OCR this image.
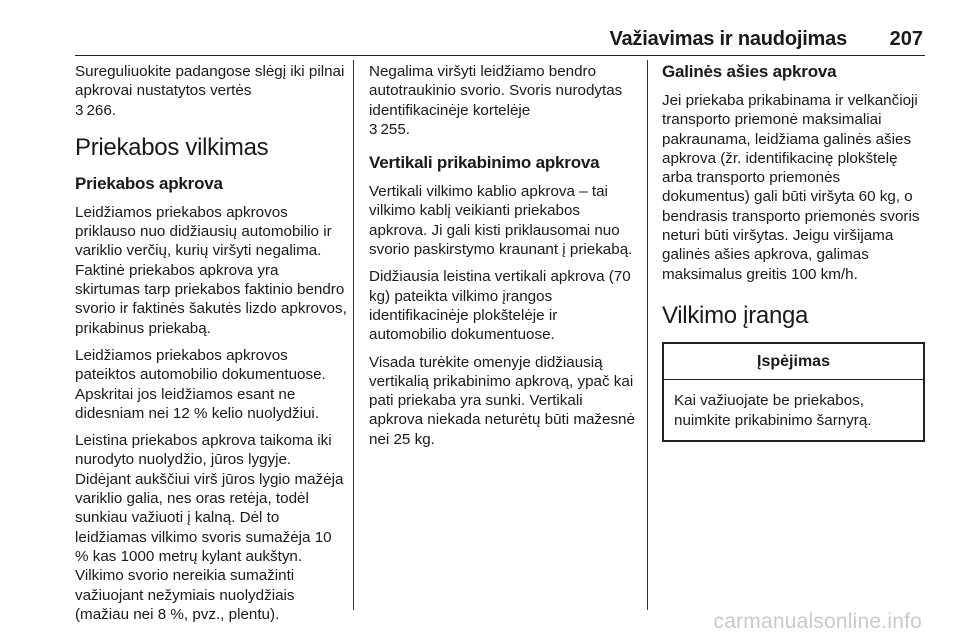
Važiavimas ir naudojimas 207

Sureguliuokite padangose slėgį iki pilnai apkrovai nustatytos vertės
3 266.

Priekabos vilkimas
Priekabos apkrova

Leidžiamos priekabos apkrovos priklauso nuo didžiausių automobilio ir variklio verčių, kurių viršyti negalima. Faktinė priekabos apkrova yra skirtumas tarp priekabos faktinio bendro svorio ir faktinės šakutės lizdo apkrovos, prikabinus priekabą.

Leidžiamos priekabos apkrovos pateiktos automobilio dokumentuose. Apskritai jos leidžiamos esant ne didesniam nei 12 % kelio nuolydžiui.

Leistina priekabos apkrova taikoma iki nurodyto nuolydžio, jūros lygyje. Didėjant aukščiui virš jūros lygio mažėja variklio galia, nes oras retėja, todėl sunkiau važiuoti į kalną. Dėl to leidžiamas vilkimo svoris sumažėja 10 % kas 1000 metrų kylant aukštyn. Vilkimo svorio nereikia sumažinti važiuojant nežymiais nuolydžiais (mažiau nei 8 %, pvz., plentu).

Negalima viršyti leidžiamo bendro autotraukinio svorio. Svoris nurodytas identifikacinėje kortelėje
3 255.

Vertikali prikabinimo apkrova

Vertikali vilkimo kablio apkrova – tai vilkimo kablį veikianti priekabos apkrova. Ji gali kisti priklausomai nuo svorio paskirstymo kraunant į priekabą.

Didžiausia leistina vertikali apkrova (70 kg) pateikta vilkimo įrangos identifikacinėje plokštelėje ir automobilio dokumentuose.

Visada turėkite omenyje didžiausią vertikalią prikabinimo apkrovą, ypač kai pati priekaba yra sunki. Vertikali apkrova niekada neturėtų būti mažesnė nei 25 kg.

Galinės ašies apkrova

Jei priekaba prikabinama ir velkančioji transporto priemonė maksimaliai pakraunama, leidžiama galinės ašies apkrova (žr. identifikacinę plokštelę arba transporto priemonės dokumentus) gali būti viršyta 60 kg, o bendrasis transporto priemonės svoris neturi būti viršytas. Jeigu viršijama galinės ašies apkrova, galimas maksimalus greitis 100 km/h.

Vilkimo įranga
Įspėjimas
Kai važiuojate be priekabos, nuimkite prikabinimo šarnyrą.
carmanualsonline.info
